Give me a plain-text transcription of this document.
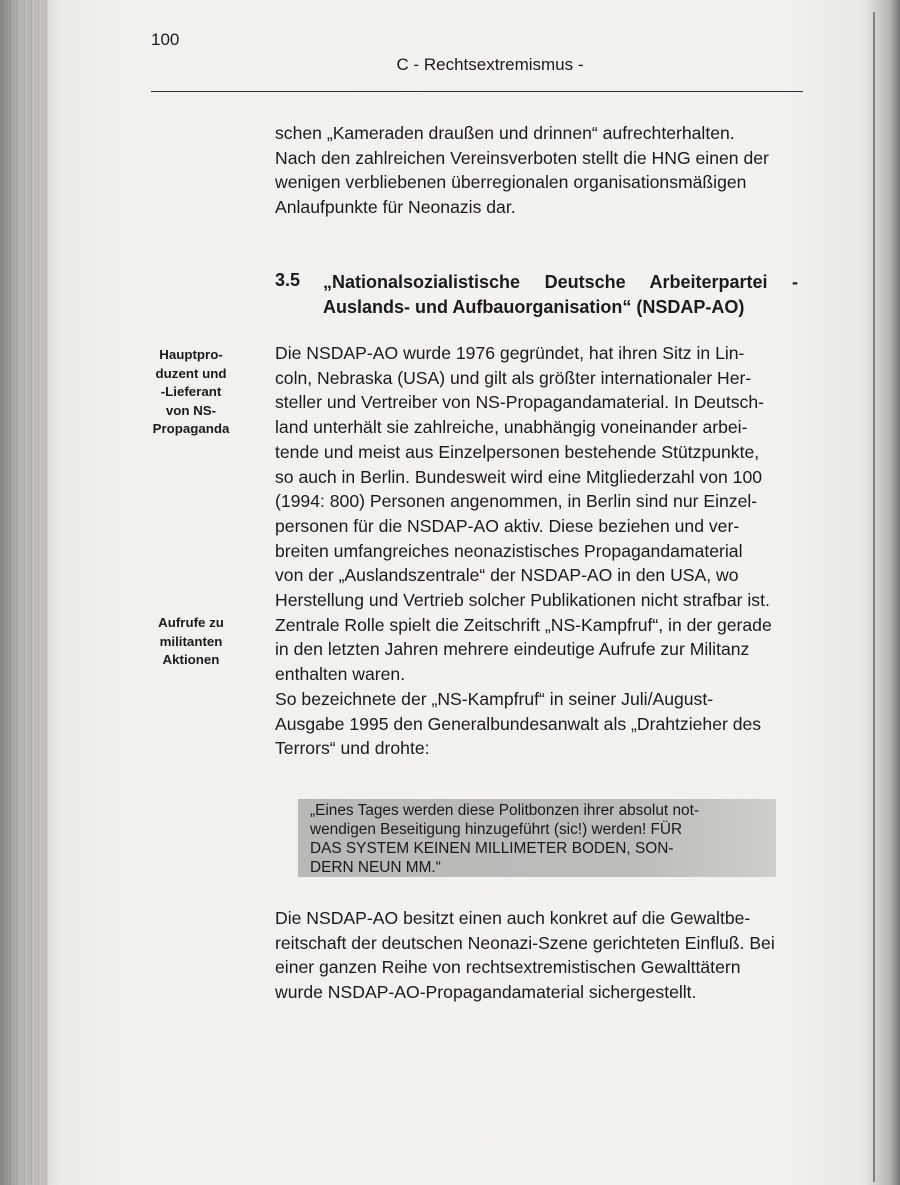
100
C - Rechtsextremismus -
schen „Kameraden draußen und drinnen“ aufrechterhalten.
Nach den zahlreichen Vereinsverboten stellt die HNG einen der
wenigen verbliebenen überregionalen organisationsmäßigen
Anlaufpunkte für Neonazis dar.
3.5 „Nationalsozialistische Deutsche Arbeiterpartei -
Auslands- und Aufbauorganisation“ (NSDAP-AO)
Hauptpro-
duzent und
-Lieferant
von NS-
Propaganda
Aufrufe zu
militanten
Aktionen
Die NSDAP-AO wurde 1976 gegründet, hat ihren Sitz in Lin-
coln, Nebraska (USA) und gilt als größter internationaler Her-
steller und Vertreiber von NS-Propagandamaterial. In Deutsch-
land unterhält sie zahlreiche, unabhängig voneinander arbei-
tende und meist aus Einzelpersonen bestehende Stützpunkte,
so auch in Berlin. Bundesweit wird eine Mitgliederzahl von 100
(1994: 800) Personen angenommen, in Berlin sind nur Einzel-
personen für die NSDAP-AO aktiv. Diese beziehen und ver-
breiten umfangreiches neonazistisches Propagandamaterial
von der „Auslandszentrale“ der NSDAP-AO in den USA, wo
Herstellung und Vertrieb solcher Publikationen nicht strafbar ist.
Zentrale Rolle spielt die Zeitschrift „NS-Kampfruf“, in der gerade
in den letzten Jahren mehrere eindeutige Aufrufe zur Militanz
enthalten waren.
So bezeichnete der „NS-Kampfruf“ in seiner Juli/August-
Ausgabe 1995 den Generalbundesanwalt als „Drahtzieher des
Terrors“ und drohte:
„Eines Tages werden diese Politbonzen ihrer absolut not-
wendigen Beseitigung hinzugeführt (sic!) werden! FÜR
DAS SYSTEM KEINEN MILLIMETER BODEN, SON-
DERN NEUN MM.“
Die NSDAP-AO besitzt einen auch konkret auf die Gewaltbe-
reitschaft der deutschen Neonazi-Szene gerichteten Einfluß. Bei
einer ganzen Reihe von rechtsextremistischen Gewalttätern
wurde NSDAP-AO-Propagandamaterial sichergestellt.
